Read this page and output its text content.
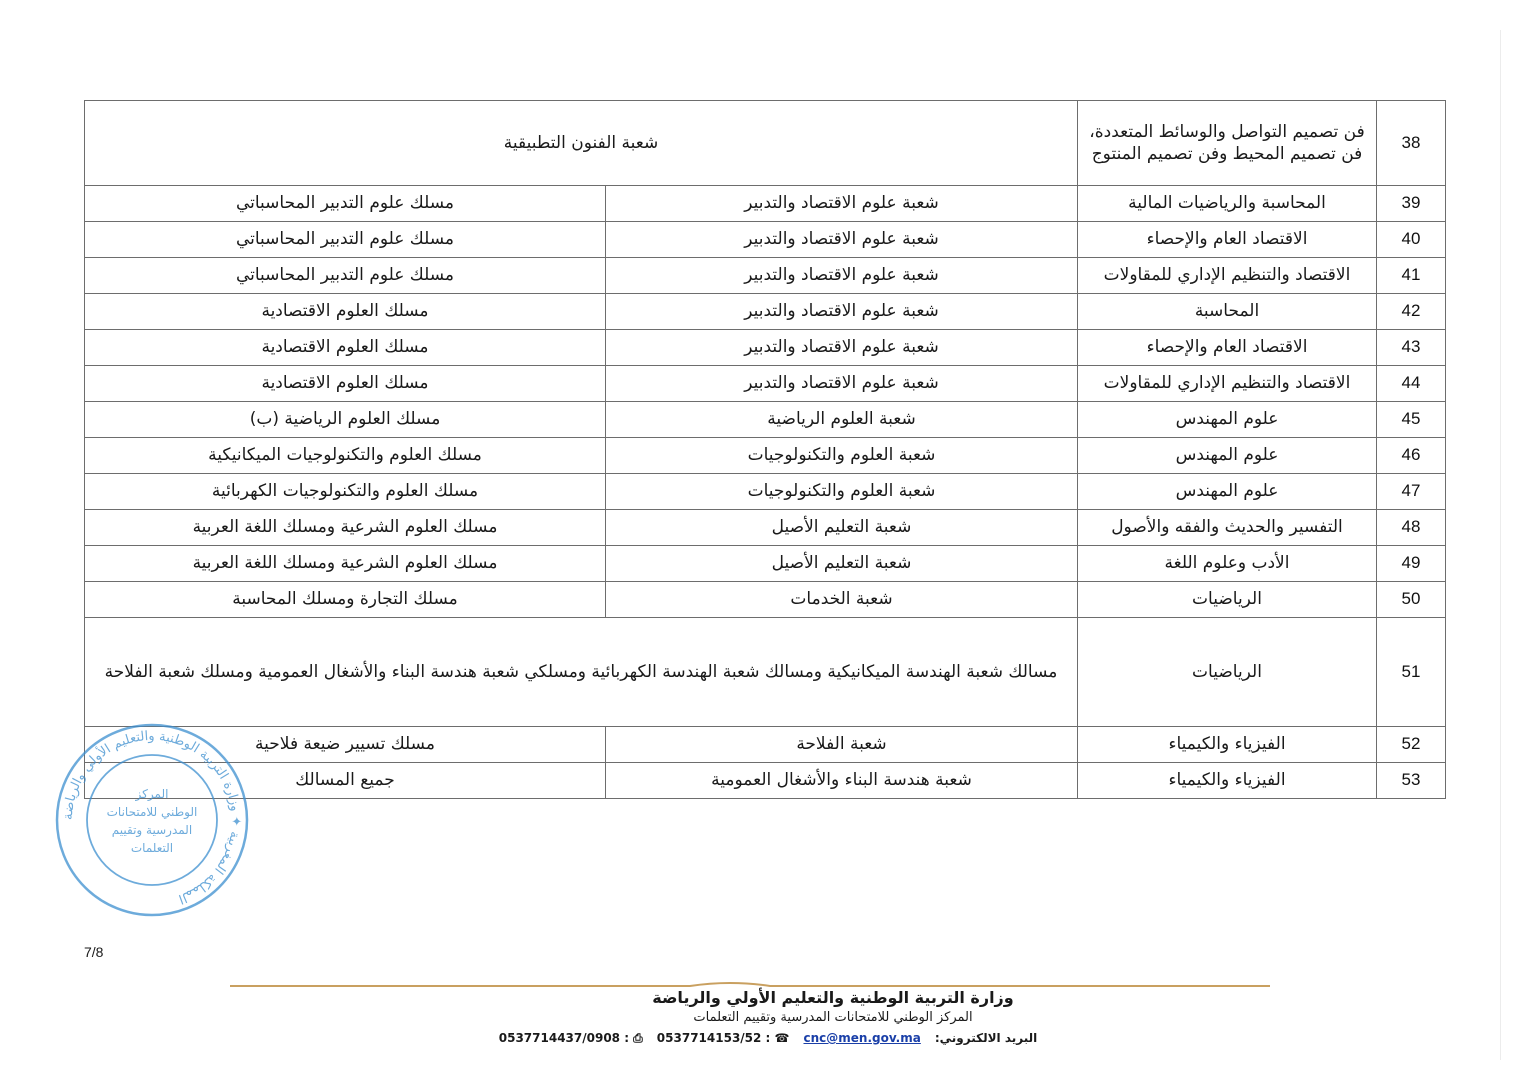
38	فن تصميم التواصل والوسائط المتعددة، فن تصميم المحيط وفن تصميم المنتوج	شعبة الفنون التطبيقية	
39	المحاسبة والرياضيات المالية	شعبة علوم الاقتصاد والتدبير	مسلك علوم التدبير المحاسباتي
40	الاقتصاد العام والإحصاء	شعبة علوم الاقتصاد والتدبير	مسلك علوم التدبير المحاسباتي
41	الاقتصاد والتنظيم الإداري للمقاولات	شعبة علوم الاقتصاد والتدبير	مسلك علوم التدبير المحاسباتي
42	المحاسبة	شعبة علوم الاقتصاد والتدبير	مسلك العلوم الاقتصادية
43	الاقتصاد العام والإحصاء	شعبة علوم الاقتصاد والتدبير	مسلك العلوم الاقتصادية
44	الاقتصاد والتنظيم الإداري للمقاولات	شعبة علوم الاقتصاد والتدبير	مسلك العلوم الاقتصادية
45	علوم المهندس	شعبة العلوم الرياضية	مسلك العلوم الرياضية (ب)
46	علوم المهندس	شعبة العلوم والتكنولوجيات	مسلك العلوم والتكنولوجيات الميكانيكية
47	علوم المهندس	شعبة العلوم والتكنولوجيات	مسلك العلوم والتكنولوجيات الكهربائية
48	التفسير والحديث والفقه والأصول	شعبة التعليم الأصيل	مسلك العلوم الشرعية ومسلك اللغة العربية
49	الأدب وعلوم اللغة	شعبة التعليم الأصيل	مسلك العلوم الشرعية ومسلك اللغة العربية
50	الرياضيات	شعبة الخدمات	مسلك التجارة ومسلك المحاسبة
51	الرياضيات	مسالك شعبة الهندسة الميكانيكية ومسالك شعبة الهندسة الكهربائية ومسلكي شعبة هندسة البناء والأشغال العمومية ومسلك شعبة الفلاحة	
52	الفيزياء والكيمياء	شعبة الفلاحة	مسلك تسيير ضيعة فلاحية
53	الفيزياء والكيمياء	شعبة هندسة البناء والأشغال العمومية	جميع المسالك
المملكة المغربية ✦ وزارة التربية الوطنية والتعليم الأولي والرياضة
المركز
الوطني للامتحانات
المدرسية وتقييم
التعلمات
7/8
وزارة التربية الوطنية والتعليم الأولي والرياضة
المركز الوطني للامتحانات المدرسية وتقييم التعلمات
البريد الالكتروني:
cnc@men.gov.ma
☎ : 0537714153/52
⎙ : 0537714437/0908
